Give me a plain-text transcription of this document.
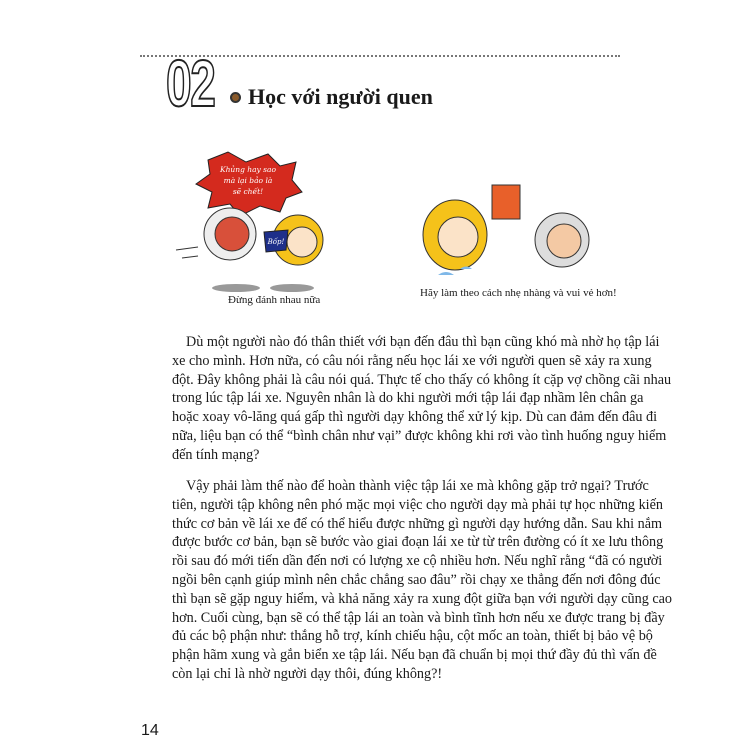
02 Học với người quen
Khủng hay sao
mà lại bảo là
sẽ chết!
Bốp!
Đừng đánh nhau nữa
Hãy làm theo cách nhẹ nhàng và vui vẻ hơn!
Dù một người nào đó thân thiết với bạn đến đâu thì bạn cũng khó mà nhờ họ tập lái
xe cho mình. Hơn nữa, có câu nói rằng nếu học lái xe với người quen sẽ xảy ra xung
đột. Đây không phải là câu nói quá. Thực tế cho thấy có không ít cặp vợ chồng cãi nhau
trong lúc tập lái xe. Nguyên nhân là do khi người mới tập lái đạp nhầm lên chân ga
hoặc xoay vô-lăng quá gấp thì người dạy không thể xử lý kịp. Dù can đảm đến đâu đi
nữa, liệu bạn có thể “bình chân như vại” được không khi rơi vào tình huống nguy hiểm
đến tính mạng?
Vậy phải làm thế nào để hoàn thành việc tập lái xe mà không gặp trở ngại? Trước
tiên, người tập không nên phó mặc mọi việc cho người dạy mà phải tự học những kiến
thức cơ bản về lái xe để có thể hiểu được những gì người dạy hướng dẫn. Sau khi nắm
được bước cơ bản, bạn sẽ bước vào giai đoạn lái xe từ từ trên đường có ít xe lưu thông
rồi sau đó mới tiến dần đến nơi có lượng xe cộ nhiều hơn. Nếu nghĩ rằng “đã có người
ngồi bên cạnh giúp mình nên chắc chẳng sao đâu” rồi chạy xe thẳng đến nơi đông đúc
thì bạn sẽ gặp nguy hiểm, và khả năng xảy ra xung đột giữa bạn với người dạy cũng cao
hơn. Cuối cùng, bạn sẽ có thể tập lái an toàn và bình tĩnh hơn nếu xe được trang bị đầy
đủ các bộ phận như: thắng hỗ trợ, kính chiếu hậu, cột mốc an toàn, thiết bị bảo vệ bộ
phận hãm xung và gắn biển xe tập lái. Nếu bạn đã chuẩn bị mọi thứ đầy đủ thì vấn đề
còn lại chỉ là nhờ người dạy thôi, đúng không?!
14
